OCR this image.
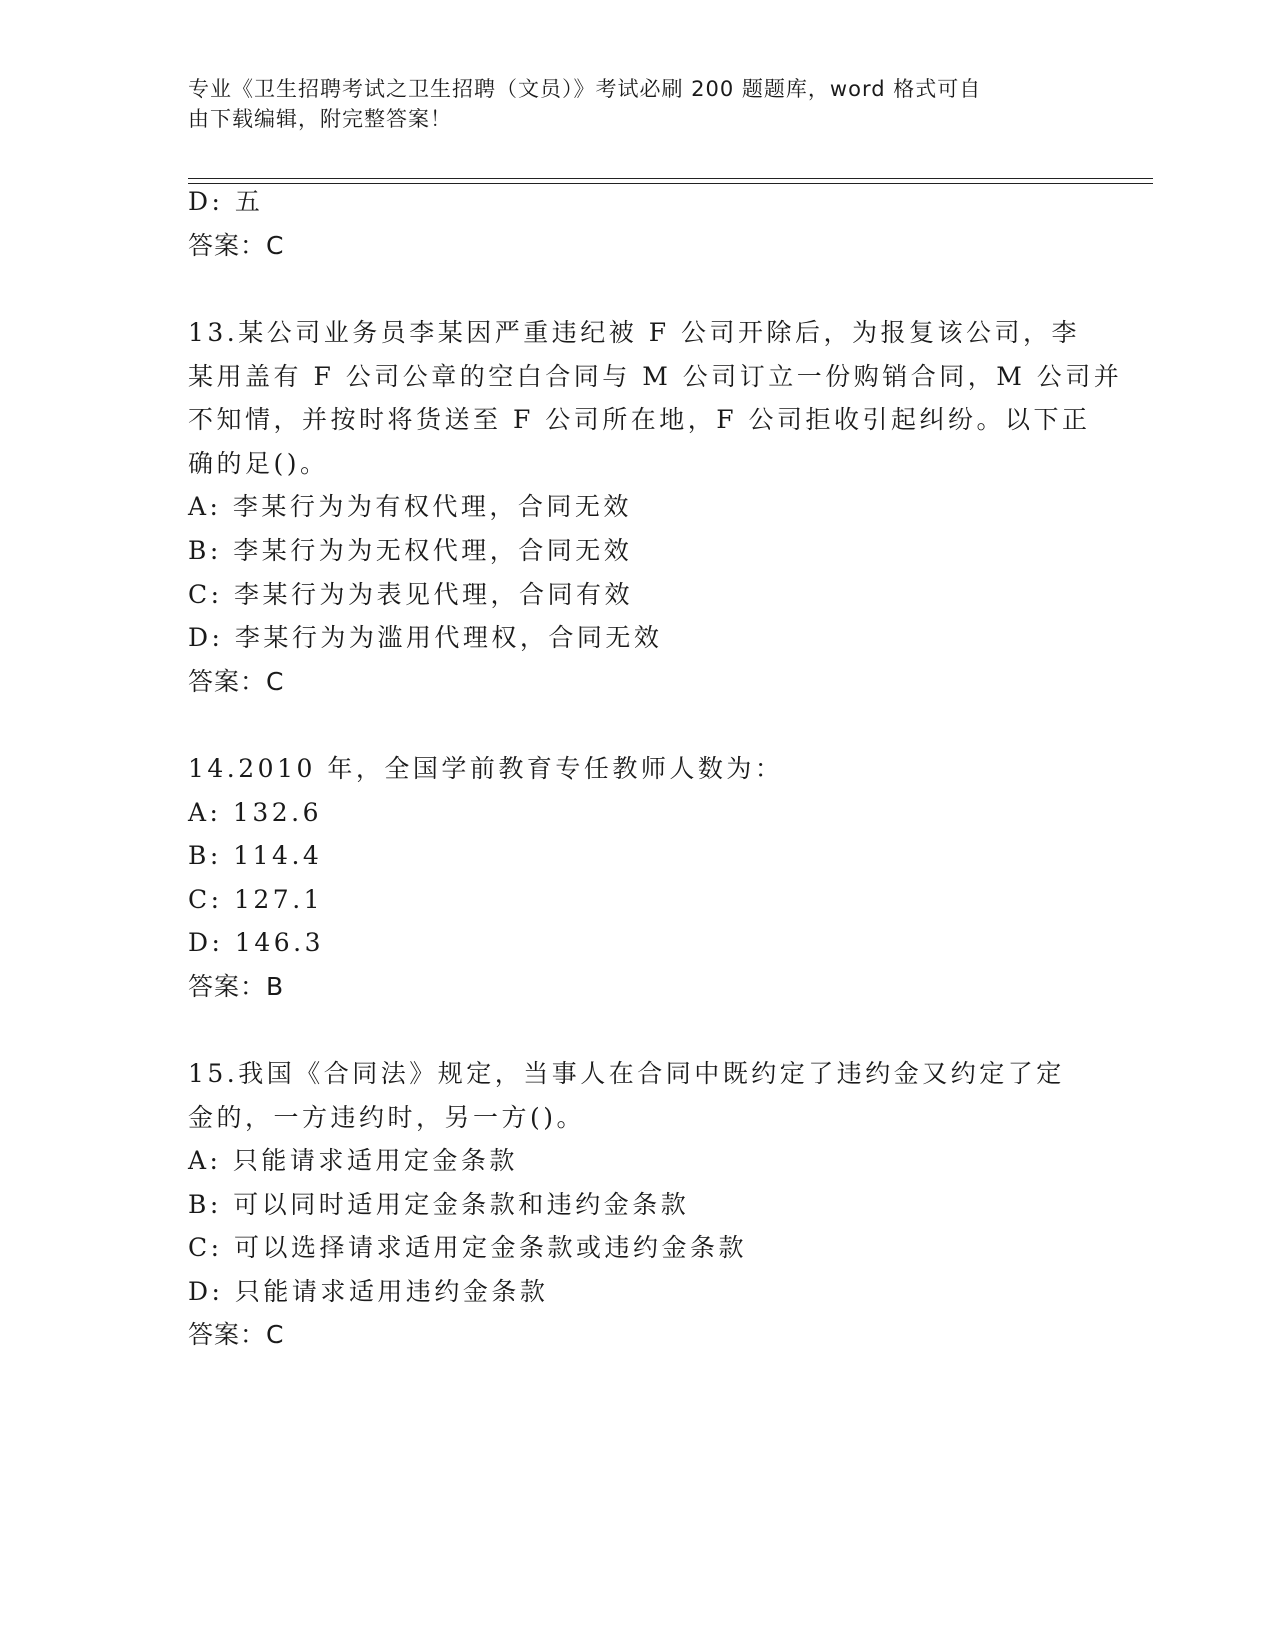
专业《卫生招聘考试之卫生招聘（文员）》考试必刷 200 题题库，word 格式可自
由下载编辑，附完整答案！
D: 五
答案：C
13.某公司业务员李某因严重违纪被 F 公司开除后，为报复该公司，李
某用盖有 F 公司公章的空白合同与 M 公司订立一份购销合同，M 公司并
不知情，并按时将货送至 F 公司所在地，F 公司拒收引起纠纷。以下正
确的足()。
A: 李某行为为有权代理，合同无效
B: 李某行为为无权代理，合同无效
C: 李某行为为表见代理，合同有效
D: 李某行为为滥用代理权，合同无效
答案：C
14.2010 年，全国学前教育专任教师人数为：
A: 132.6
B: 114.4
C: 127.1
D: 146.3
答案：B
15.我国《合同法》规定，当事人在合同中既约定了违约金又约定了定
金的，一方违约时，另一方()。
A: 只能请求适用定金条款
B: 可以同时适用定金条款和违约金条款
C: 可以选择请求适用定金条款或违约金条款
D: 只能请求适用违约金条款
答案：C
